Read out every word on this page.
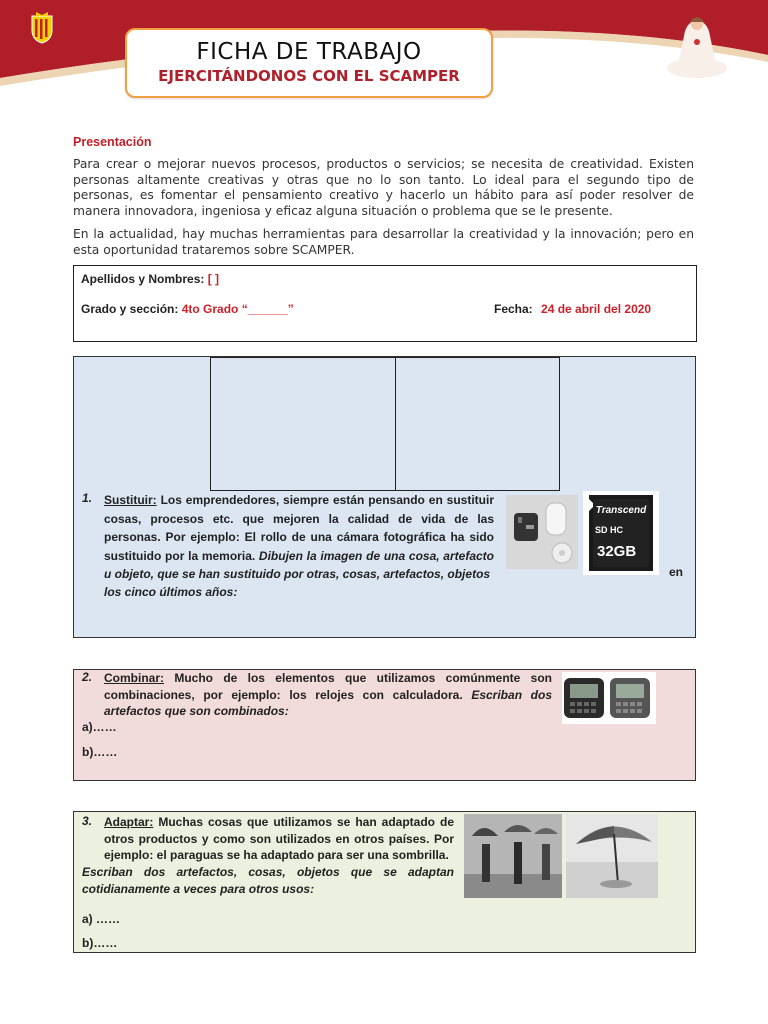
FICHA DE TRABAJO
EJERCITÁNDONOS CON EL SCAMPER
Presentación
Para crear o mejorar nuevos procesos, productos o servicios; se necesita de creatividad. Existen personas altamente creativas y otras que no lo son tanto. Lo ideal para el segundo tipo de personas, es fomentar el pensamiento creativo y hacerlo un hábito para así poder resolver de manera innovadora, ingeniosa y eficaz alguna situación o problema que se le presente.
En la actualidad, hay muchas herramientas para desarrollar la creatividad y la innovación; pero en esta oportunidad trataremos sobre SCAMPER.
Apellidos y Nombres: [ ]
Grado y sección: 4to Grado “______”	Fecha: 24 de abril del 2020
1. Sustituir: Los emprendedores, siempre están pensando en sustituir cosas, procesos etc. que mejoren la calidad de vida de las personas. Por ejemplo: El rollo de una cámara fotográfica ha sido sustituido por la memoria. Dibujen la imagen de una cosa, artefacto u objeto, que se han sustituido por otras, cosas, artefactos, objetos	en
los cinco últimos años:
Transcend
SD HC
32GB
2. Combinar: Mucho de los elementos que utilizamos comúnmente son combinaciones, por ejemplo: los relojes con calculadora. Escriban dos artefactos que son combinados:
a)……
b)……
3. Adaptar: Muchas cosas que utilizamos se han adaptado de otros productos y como son utilizados en otros países. Por ejemplo: el paraguas se ha adaptado para ser una sombrilla.
Escriban dos artefactos, cosas, objetos que se adaptan cotidianamente a veces para otros usos:
a) ……
b)……
